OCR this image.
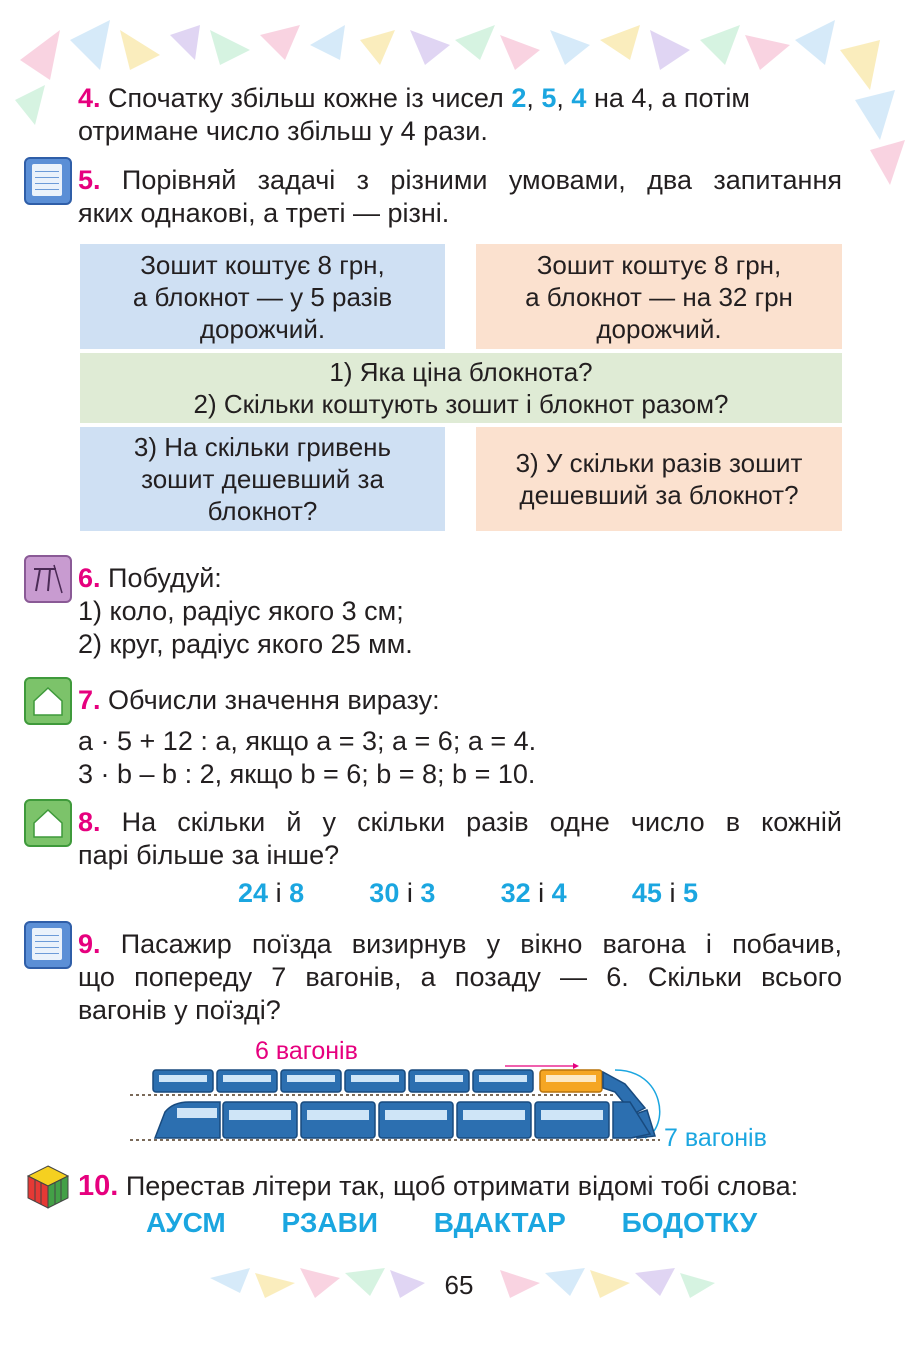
4. Спочатку збільш кожне із чисел 2, 5, 4 на 4, а потім
отримане число збільш у 4 рази.
5. Порівняй задачі з різними умовами, два запитання
яких однакові, а треті — різні.
Зошит коштує 8 грн,
а блокнот — у 5 разів
дорожчий.
Зошит коштує 8 грн,
а блокнот — на 32 грн
дорожчий.
1) Яка ціна блокнота?
2) Скільки коштують зошит і блокнот разом?
3) На скільки гривень
зошит дешевший за
блокнот?
3) У скільки разів зошит
дешевший за блокнот?
6. Побудуй:
1) коло, радіус якого 3 см;
2) круг, радіус якого 25 мм.
7. Обчисли значення виразу:
a · 5 + 12 : a, якщо a = 3; a = 6; a = 4.
3 · b – b : 2, якщо b = 6; b = 8; b = 10.
8. На скільки й у скільки разів одне число в кожній
парі більше за інше?
24 і 8 30 і 3 32 і 4 45 і 5
9. Пасажир поїзда визирнув у вікно вагона і побачив,
що попереду 7 вагонів, а позаду — 6. Скільки всього
вагонів у поїзді?
6 вагонів
7 вагонів
10. Перестав літери так, щоб отримати відомі тобі слова:
АУСМ РЗАВИ ВДАКТАР БОДОТКУ
65
